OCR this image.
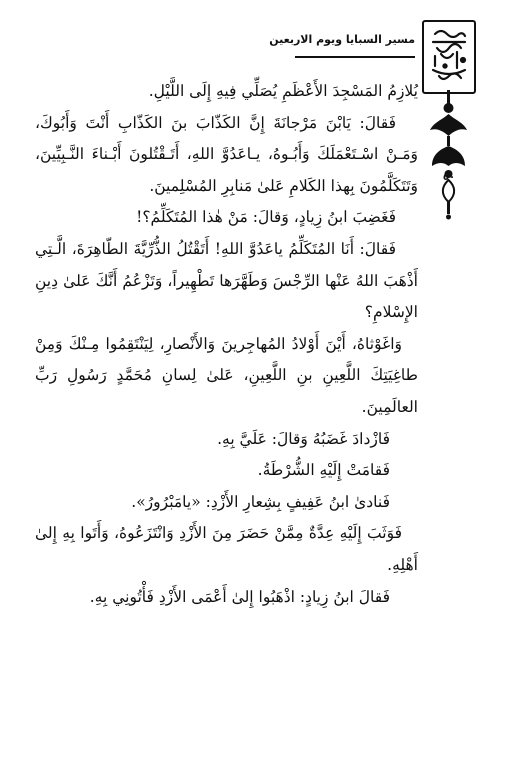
مسير السبايا ويوم الاربعين
٥٠

يُلازِمُ المَسْجِدَ الأَعْظَمِ يُصَلِّي فِيهِ إِلَى اللَّيْلِ.

فَقالَ: يَابْنَ مَرْجانَةَ إِنَّ الكَذّابَ بنَ الكَذّابِ أَنْتَ وَأَبُوكَ، وَمَـنْ اسْـتَعْمَلَكَ وَأَبُـوهُ، يـاعَدُوَّ اللهِ، أَتَـقْتُلونَ أَبْـناءَ النَّـبِيِّينَ، وَتَتَكَلَّمُونَ بِهذا الكَلامِ عَلىٰ مَنابِرِ المُسْلِمينَ.

فَغَضِبَ ابنُ زِيادٍ، وَقالَ: مَنْ هٰذا المُتَكَلِّمُ؟!

فَقالَ: أَنَا المُتَكَلِّمُ ياعَدُوَّ اللهِ! أَتَقْتُلُ الذُّرِّيَّةَ الطّاهِرَةَ، الَّـتِي أَذْهَبَ اللهُ عَنْها الرِّجْسَ وَطَهَّرَها تَطْهِيراً، وَتَزْعُمُ أَنَّكَ عَلىٰ دِينِ الإِسْلامِ؟

وَاغَوْثاهُ، أَيْنَ أَوْلادُ المُهاجِرينَ وَالأَنْصارِ، لِيَنْتَقِمُوا مِـنْكَ وَمِنْ طاغِيَتِكَ اللَّعِينِ بنِ اللَّعِينِ، عَلىٰ لِسانِ مُحَمَّدٍ رَسُولِ رَبِّ العالَمِينَ.

فَازْدادَ غَضَبُهُ وَقالَ: عَلَيَّ بِهِ.

فَقامَتْ إِلَيْهِ الشُّرْطَةُ.

فَنادىٰ ابنُ عَفِيفٍ بِشِعارِ الأَزْدِ: «يامَبْرُورُ».

فَوَثَبَ إِلَيْهِ عِدَّةٌ مِمَّنْ حَضَرَ مِنَ الأَزْدِ وَانْتَزَعُوهُ، وَأَتَوا بِهِ إِلىٰ أَهْلِهِ.

فَقالَ ابنُ زِيادٍ: اذْهَبُوا إِلىٰ أَعْمَى الأَزْدِ فَأْتُونِي بِهِ.
